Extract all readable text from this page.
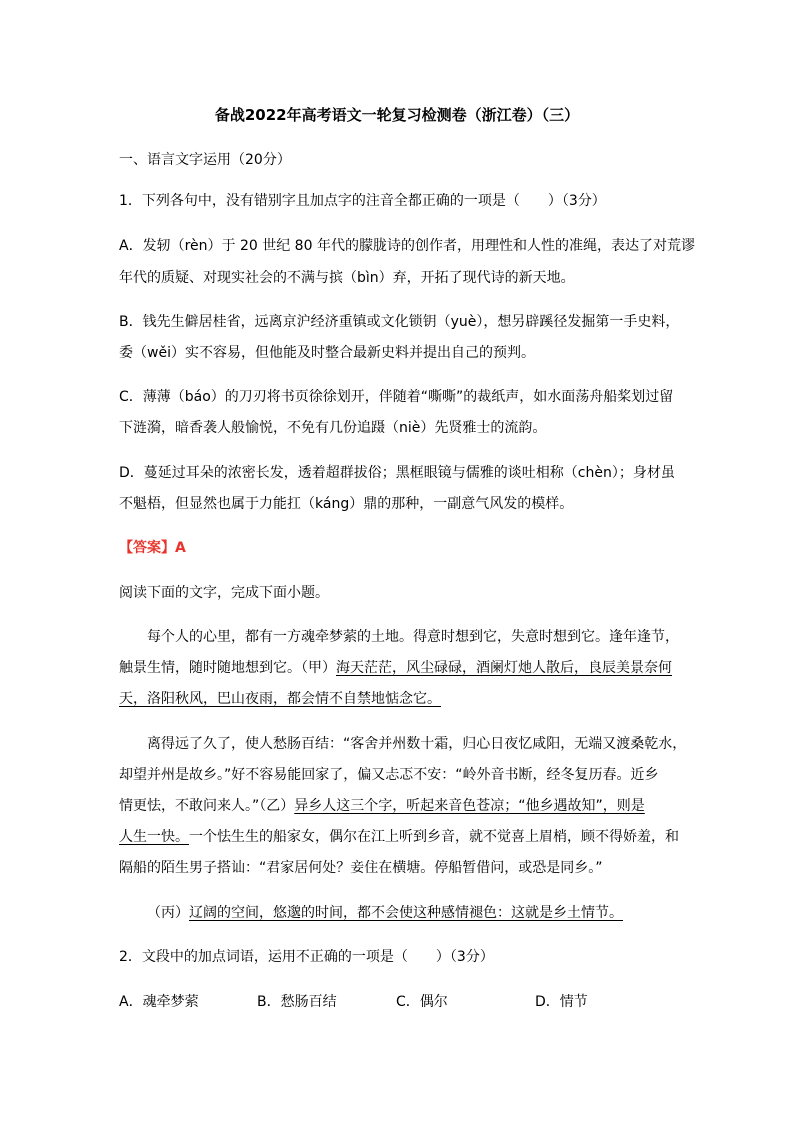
备战2022年高考语文一轮复习检测卷（浙江卷）（三）
一、语言文字运用（20分）
1．下列各句中，没有错别字且加点字的注音全都正确的一项是（　　）（3分）
A．发轫（rèn）于 20 世纪 80 年代的朦胧诗的创作者，用理性和人性的准绳，表达了对荒谬
年代的质疑、对现实社会的不满与摈（bìn）弃，开拓了现代诗的新天地。
B．钱先生僻居桂省，远离京沪经济重镇或文化锁钥（yuè），想另辟蹊径发掘第一手史料，
委（wěi）实不容易，但他能及时整合最新史料并提出自己的预判。
C．薄薄（báo）的刀刃将书页徐徐划开，伴随着“嘶嘶”的裁纸声，如水面荡舟船桨划过留
下涟漪，暗香袭人般愉悦，不免有几份追蹑（niè）先贤雅士的流韵。
D．蔓延过耳朵的浓密长发，透着超群拔俗；黑框眼镜与儒雅的谈吐相称（chèn）；身材虽
不魁梧，但显然也属于力能扛（káng）鼎的那种，一副意气风发的模样。
【答案】A
阅读下面的文字，完成下面小题。
每个人的心里，都有一方魂牵梦萦的土地。得意时想到它，失意时想到它。逢年逢节，
触景生情，随时随地想到它。（甲）海天茫茫，风尘碌碌，酒阑灯灺人散后，良辰美景奈何
天，洛阳秋风，巴山夜雨，都会情不自禁地惦念它。
离得远了久了，使人愁肠百结：“客舍并州数十霜，归心日夜忆咸阳，无端又渡桑乾水，
却望并州是故乡。”好不容易能回家了，偏又忐忑不安：“岭外音书断，经冬复历春。近乡
情更怯，不敢问来人。”（乙）异乡人这三个字，听起来音色苍凉；“他乡遇故知”，则是
人生一快。一个怯生生的船家女，偶尔在江上听到乡音，就不觉喜上眉梢，顾不得娇羞，和
隔船的陌生男子搭讪：“君家居何处？妾住在横塘。停船暂借问，或恐是同乡。”
（丙）辽阔的空间，悠邈的时间，都不会使这种感情褪色：这就是乡土情节。
2．文段中的加点词语，运用不正确的一项是（　　）（3分）
A．魂牵梦萦	B．愁肠百结	C．偶尔	D．情节
